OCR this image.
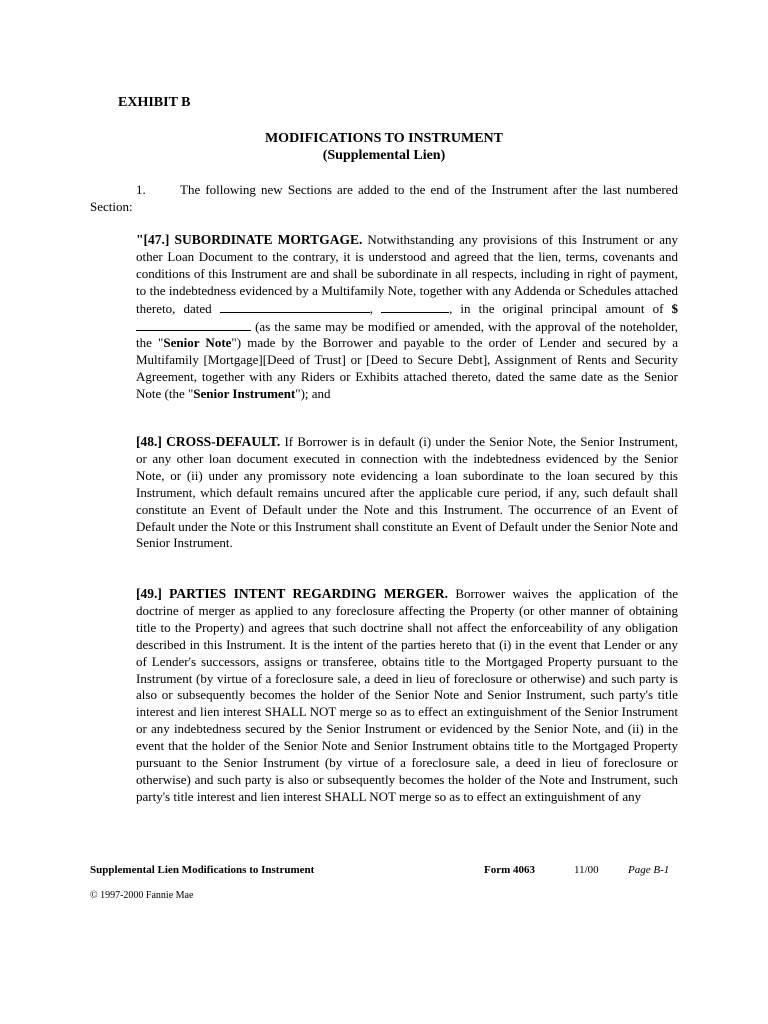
EXHIBIT B
MODIFICATIONS TO INSTRUMENT
(Supplemental Lien)
1.	The following new Sections are added to the end of the Instrument after the last numbered Section:

"[47.] SUBORDINATE MORTGAGE. Notwithstanding any provisions of this Instrument or any other Loan Document to the contrary, it is understood and agreed that the lien, terms, covenants and conditions of this Instrument are and shall be subordinate in all respects, including in right of payment, to the indebtedness evidenced by a Multifamily Note, together with any Addenda or Schedules attached thereto, dated	,	, in the original principal amount of $ (as the same may be modified or amended, with the approval of the noteholder, the "Senior Note") made by the Borrower and payable to the order of Lender and secured by a Multifamily [Mortgage][Deed of Trust] or [Deed to Secure Debt], Assignment of Rents and Security Agreement, together with any Riders or Exhibits attached thereto, dated the same date as the Senior Note (the "Senior Instrument"); and

[48.] CROSS-DEFAULT. If Borrower is in default (i) under the Senior Note, the Senior Instrument, or any other loan document executed in connection with the indebtedness evidenced by the Senior Note, or (ii) under any promissory note evidencing a loan subordinate to the loan secured by this Instrument, which default remains uncured after the applicable cure period, if any, such default shall constitute an Event of Default under the Note and this Instrument. The occurrence of an Event of Default under the Note or this Instrument shall constitute an Event of Default under the Senior Note and Senior Instrument.

[49.] PARTIES INTENT REGARDING MERGER. Borrower waives the application of the doctrine of merger as applied to any foreclosure affecting the Property (or other manner of obtaining title to the Property) and agrees that such doctrine shall not affect the enforceability of any obligation described in this Instrument. It is the intent of the parties hereto that (i) in the event that Lender or any of Lender's successors, assigns or transferee, obtains title to the Mortgaged Property pursuant to the Instrument (by virtue of a foreclosure sale, a deed in lieu of foreclosure or otherwise) and such party is also or subsequently becomes the holder of the Senior Note and Senior Instrument, such party's title interest and lien interest SHALL NOT merge so as to effect an extinguishment of the Senior Instrument or any indebtedness secured by the Senior Instrument or evidenced by the Senior Note, and (ii) in the event that the holder of the Senior Note and Senior Instrument obtains title to the Mortgaged Property pursuant to the Senior Instrument (by virtue of a foreclosure sale, a deed in lieu of foreclosure or otherwise) and such party is also or subsequently becomes the holder of the Note and Instrument, such party's title interest and lien interest SHALL NOT merge so as to effect an extinguishment of any

Supplemental Lien Modifications to Instrument	Form 4063	11/00	Page B-1
© 1997-2000 Fannie Mae
